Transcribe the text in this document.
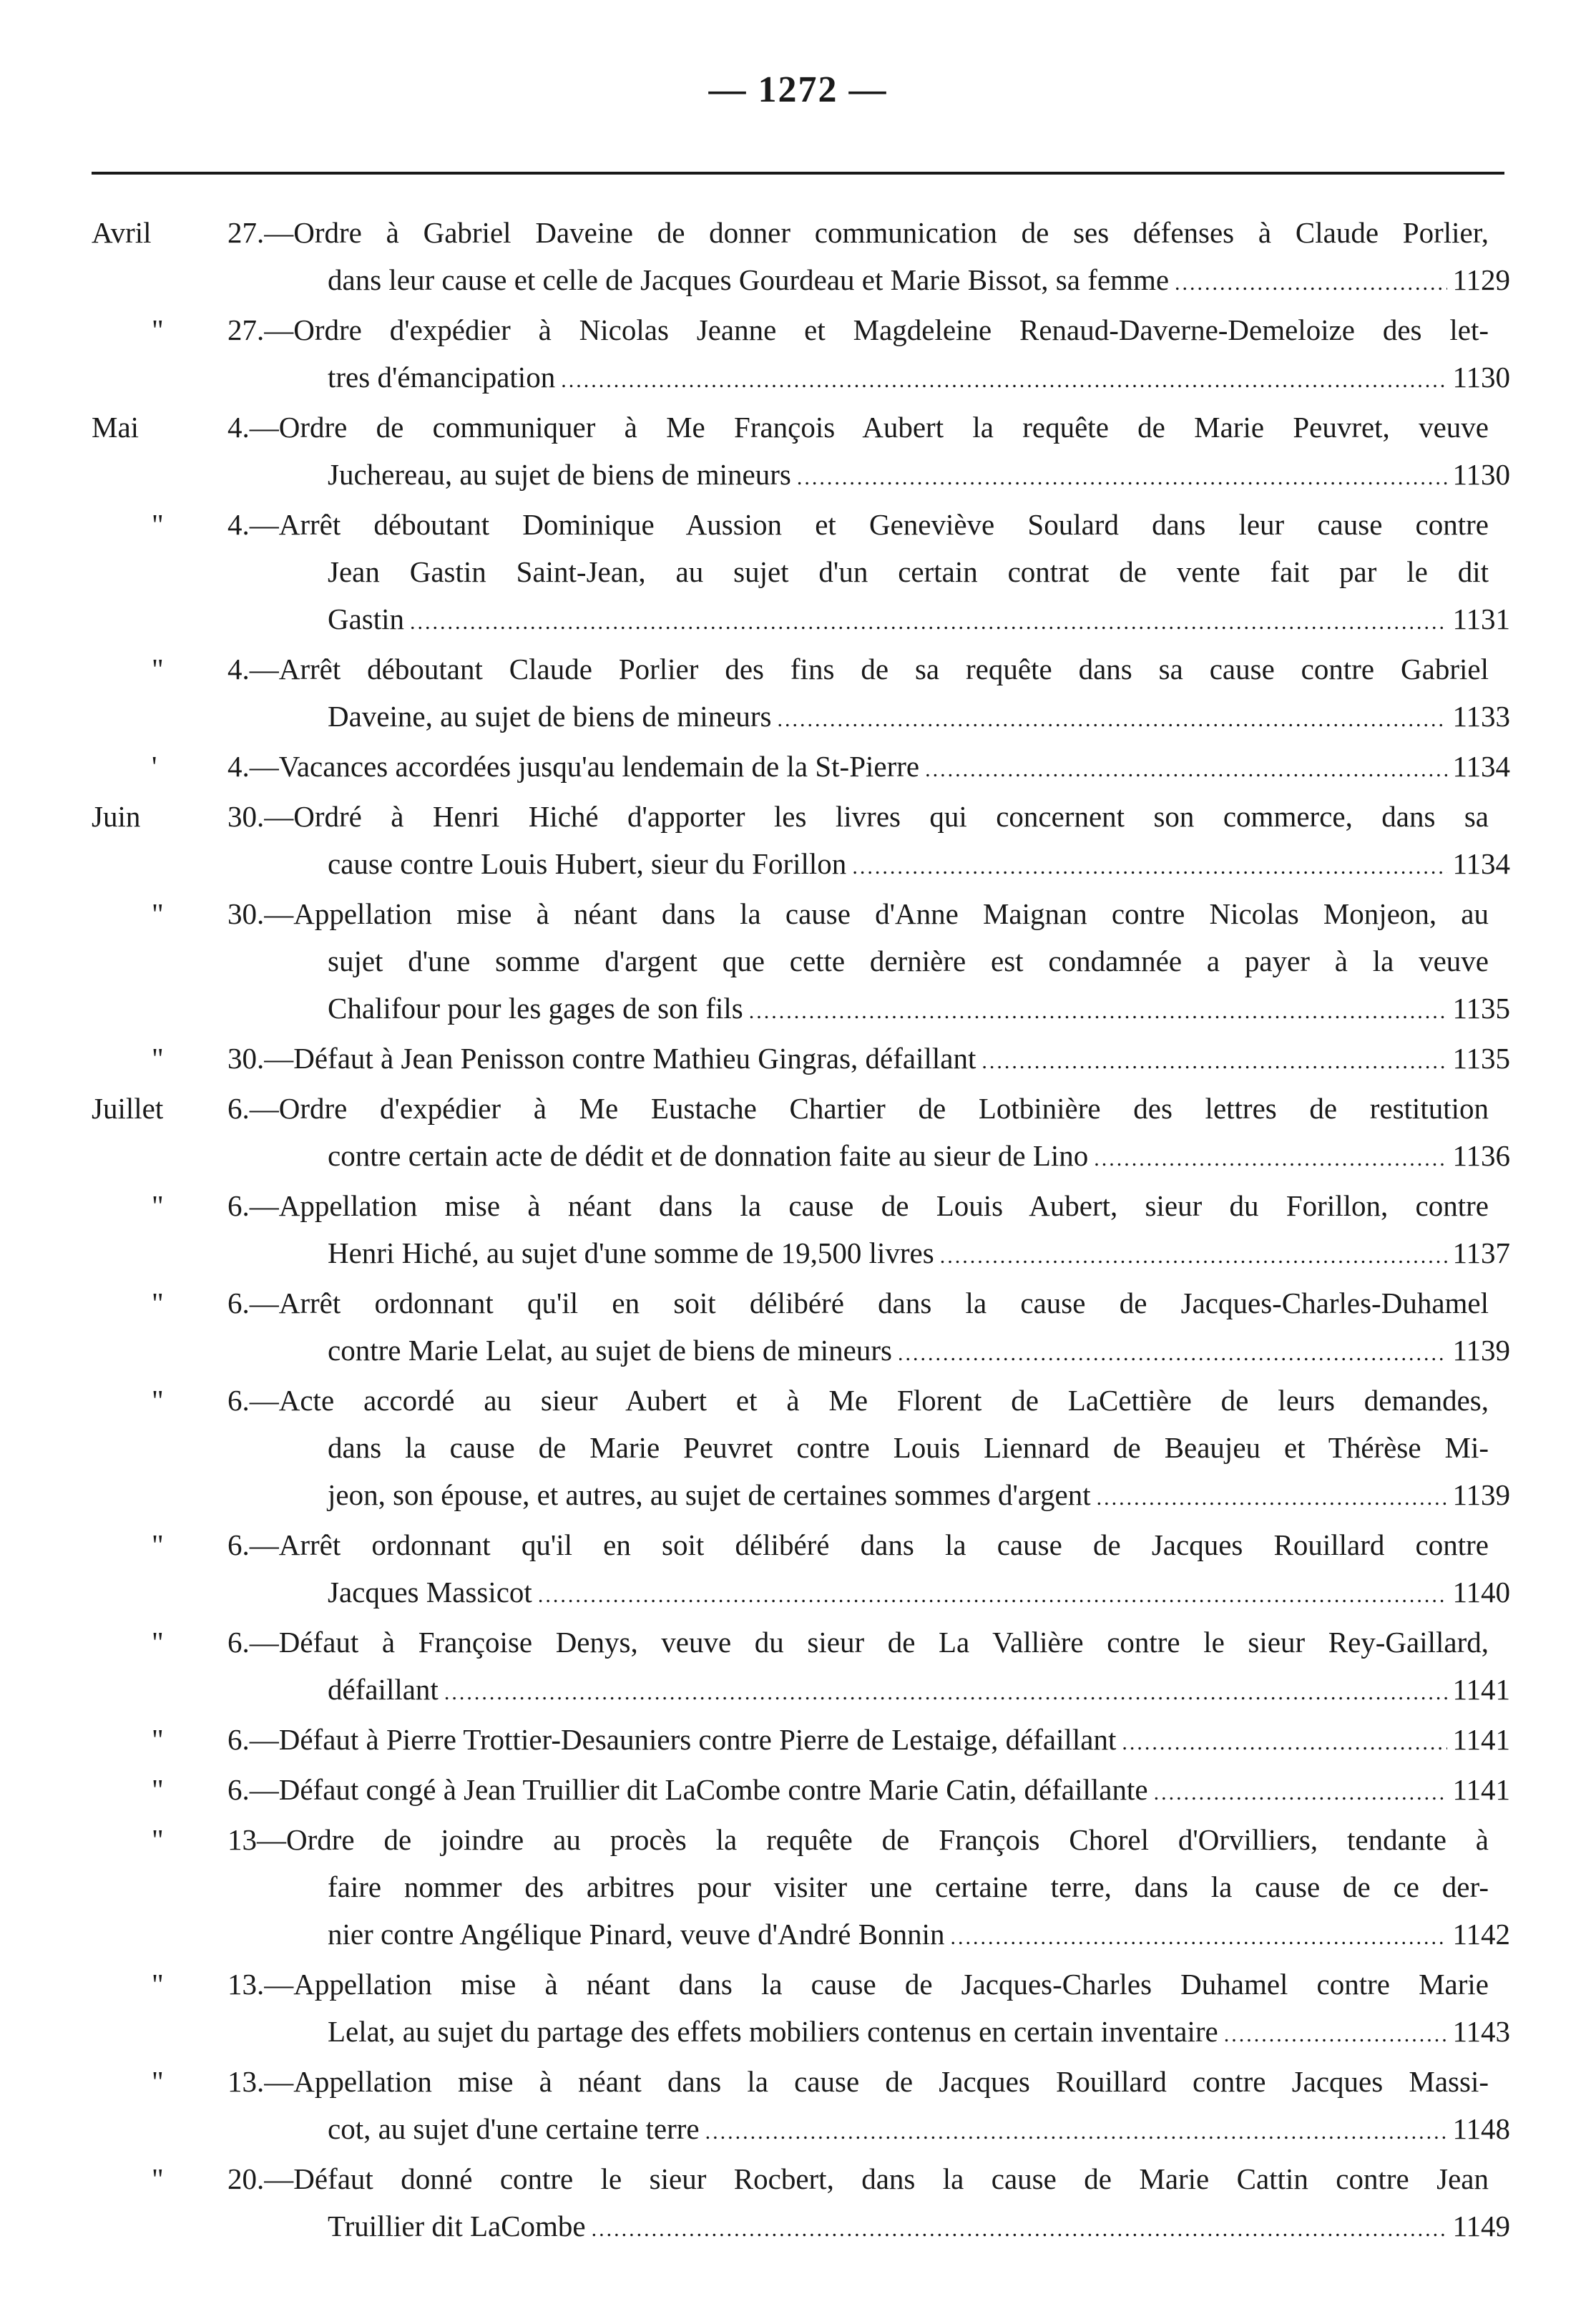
— 1272 —
Avril	27.—Ordre à Gabriel Daveine de donner communication de ses défenses à Claude Porlier,
dans leur cause et celle de Jacques Gourdeau et Marie Bissot, sa femme .....	1129
" 27.—Ordre d'expédier à Nicolas Jeanne et Magdeleine Renaud-Daverne-Demeloize des let-
tres d'émancipation .....	1130
Mai	4.—Ordre de communiquer à Me François Aubert la requête de Marie Peuvret, veuve
Juchereau, au sujet de biens de mineurs .....	1130
" 4.—Arrêt déboutant Dominique Aussion et Geneviève Soulard dans leur cause contre
Jean Gastin Saint-Jean, au sujet d'un certain contrat de vente fait par le dit
Gastin .....	1131
" 4.—Arrêt déboutant Claude Porlier des fins de sa requête dans sa cause contre Gabriel
Daveine, au sujet de biens de mineurs .....	1133
' 4.—Vacances accordées jusqu'au lendemain de la St-Pierre .....	1134
Juin	30.—Ordré à Henri Hiché d'apporter les livres qui concernent son commerce, dans sa
cause contre Louis Hubert, sieur du Forillon .....	1134
" 30.—Appellation mise à néant dans la cause d'Anne Maignan contre Nicolas Monjeon, au
sujet d'une somme d'argent que cette dernière est condamnée a payer à la veuve
Chalifour pour les gages de son fils .....	1135
" 30.—Défaut à Jean Penisson contre Mathieu Gingras, défaillant .....	1135
Juillet 6.—Ordre d'expédier à Me Eustache Chartier de Lotbinière des lettres de restitution
contre certain acte de dédit et de donnation faite au sieur de Lino .....	1136
" 6.—Appellation mise à néant dans la cause de Louis Aubert, sieur du Forillon, contre
Henri Hiché, au sujet d'une somme de 19,500 livres .....	1137
" 6.—Arrêt ordonnant qu'il en soit délibéré dans la cause de Jacques-Charles-Duhamel
contre Marie Lelat, au sujet de biens de mineurs .....	1139
" 6.—Acte accordé au sieur Aubert et à Me Florent de LaCettière de leurs demandes,
dans la cause de Marie Peuvret contre Louis Liennard de Beaujeu et Thérèse Mi-
jeon, son épouse, et autres, au sujet de certaines sommes d'argent .....	1139
" 6.—Arrêt ordonnant qu'il en soit délibéré dans la cause de Jacques Rouillard contre
Jacques Massicot .....	1140
" 6.—Défaut à Françoise Denys, veuve du sieur de La Vallière contre le sieur Rey-Gaillard,
défaillant .....	1141
" 6.—Défaut à Pierre Trottier-Desauniers contre Pierre de Lestaige, défaillant .....	1141
" 6.—Défaut congé à Jean Truillier dit LaCombe contre Marie Catin, défaillante .....	1141
" 13—Ordre de joindre au procès la requête de François Chorel d'Orvilliers, tendante à
faire nommer des arbitres pour visiter une certaine terre, dans la cause de ce der-
nier contre Angélique Pinard, veuve d'André Bonnin .....	1142
" 13.—Appellation mise à néant dans la cause de Jacques-Charles Duhamel contre Marie
Lelat, au sujet du partage des effets mobiliers contenus en certain inventaire .....	1143
" 13.—Appellation mise à néant dans la cause de Jacques Rouillard contre Jacques Massi-
cot, au sujet d'une certaine terre .....	1148
" 20.—Défaut donné contre le sieur Rocbert, dans la cause de Marie Cattin contre Jean
Truillier dit LaCombe .....	1149
